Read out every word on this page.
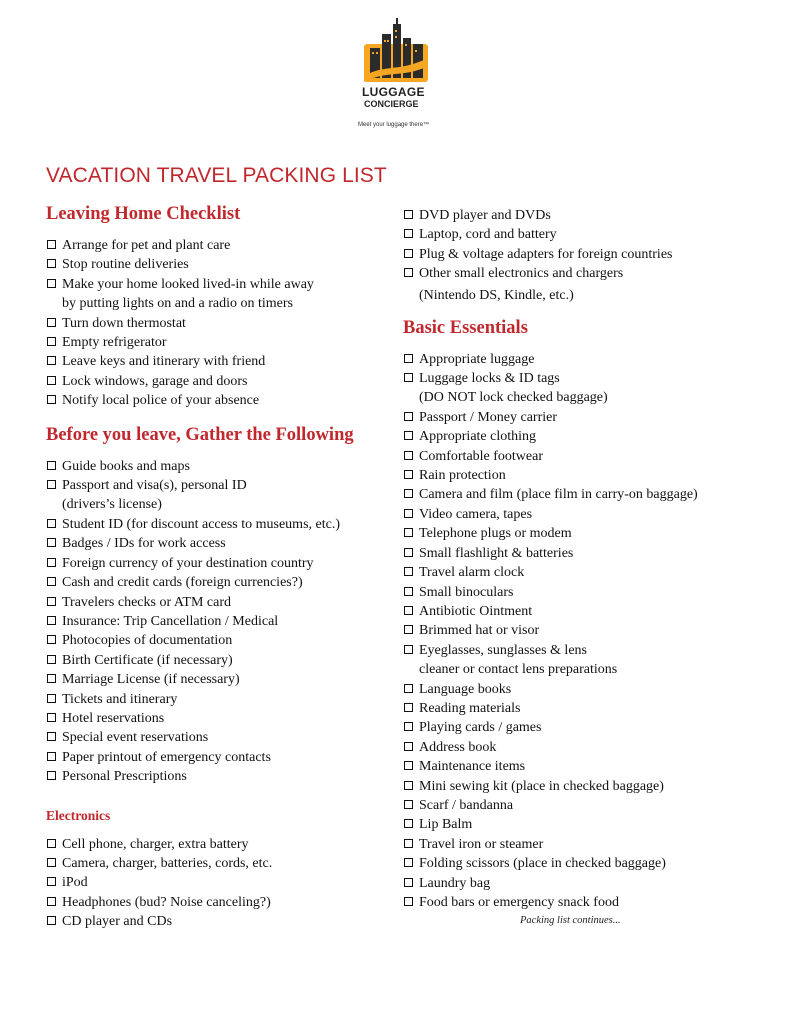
LUGGAGE
CONCIERGE
Meet your luggage there™
VACATION TRAVEL PACKING LIST
Leaving Home Checklist
Arrange for pet and plant care
Stop routine deliveries
Make your home looked lived-in while away
by putting lights on and a radio on timers
Turn down thermostat
Empty refrigerator
Leave keys and itinerary with friend
Lock windows, garage and doors
Notify local police of your absence
Before you leave, Gather the Following
Guide books and maps
Passport and visa(s), personal ID
(drivers’s license)
Student ID (for discount access to museums, etc.)
Badges / IDs for work access
Foreign currency of your destination country
Cash and credit cards (foreign currencies?)
Travelers checks or ATM card
Insurance: Trip Cancellation / Medical
Photocopies of documentation
Birth Certificate (if necessary)
Marriage License (if necessary)
Tickets and itinerary
Hotel reservations
Special event reservations
Paper printout of emergency contacts
Personal Prescriptions
Electronics
Cell phone, charger, extra battery
Camera, charger, batteries, cords, etc.
iPod
Headphones (bud? Noise canceling?)
CD player and CDs
DVD player and DVDs
Laptop, cord and battery
Plug & voltage adapters for foreign countries
Other small electronics and chargers
(Nintendo DS, Kindle, etc.)
Basic Essentials
Appropriate luggage
Luggage locks & ID tags
(DO NOT lock checked baggage)
Passport / Money carrier
Appropriate clothing
Comfortable footwear
Rain protection
Camera and film (place film in carry-on baggage)
Video camera, tapes
Telephone plugs or modem
Small flashlight & batteries
Travel alarm clock
Small binoculars
Antibiotic Ointment
Brimmed hat or visor
Eyeglasses, sunglasses & lens
cleaner or contact lens preparations
Language books
Reading materials
Playing cards / games
Address book
Maintenance items
Mini sewing kit (place in checked baggage)
Scarf / bandanna
Lip Balm
Travel iron or steamer
Folding scissors (place in checked baggage)
Laundry bag
Food bars or emergency snack food
Packing list continues...
